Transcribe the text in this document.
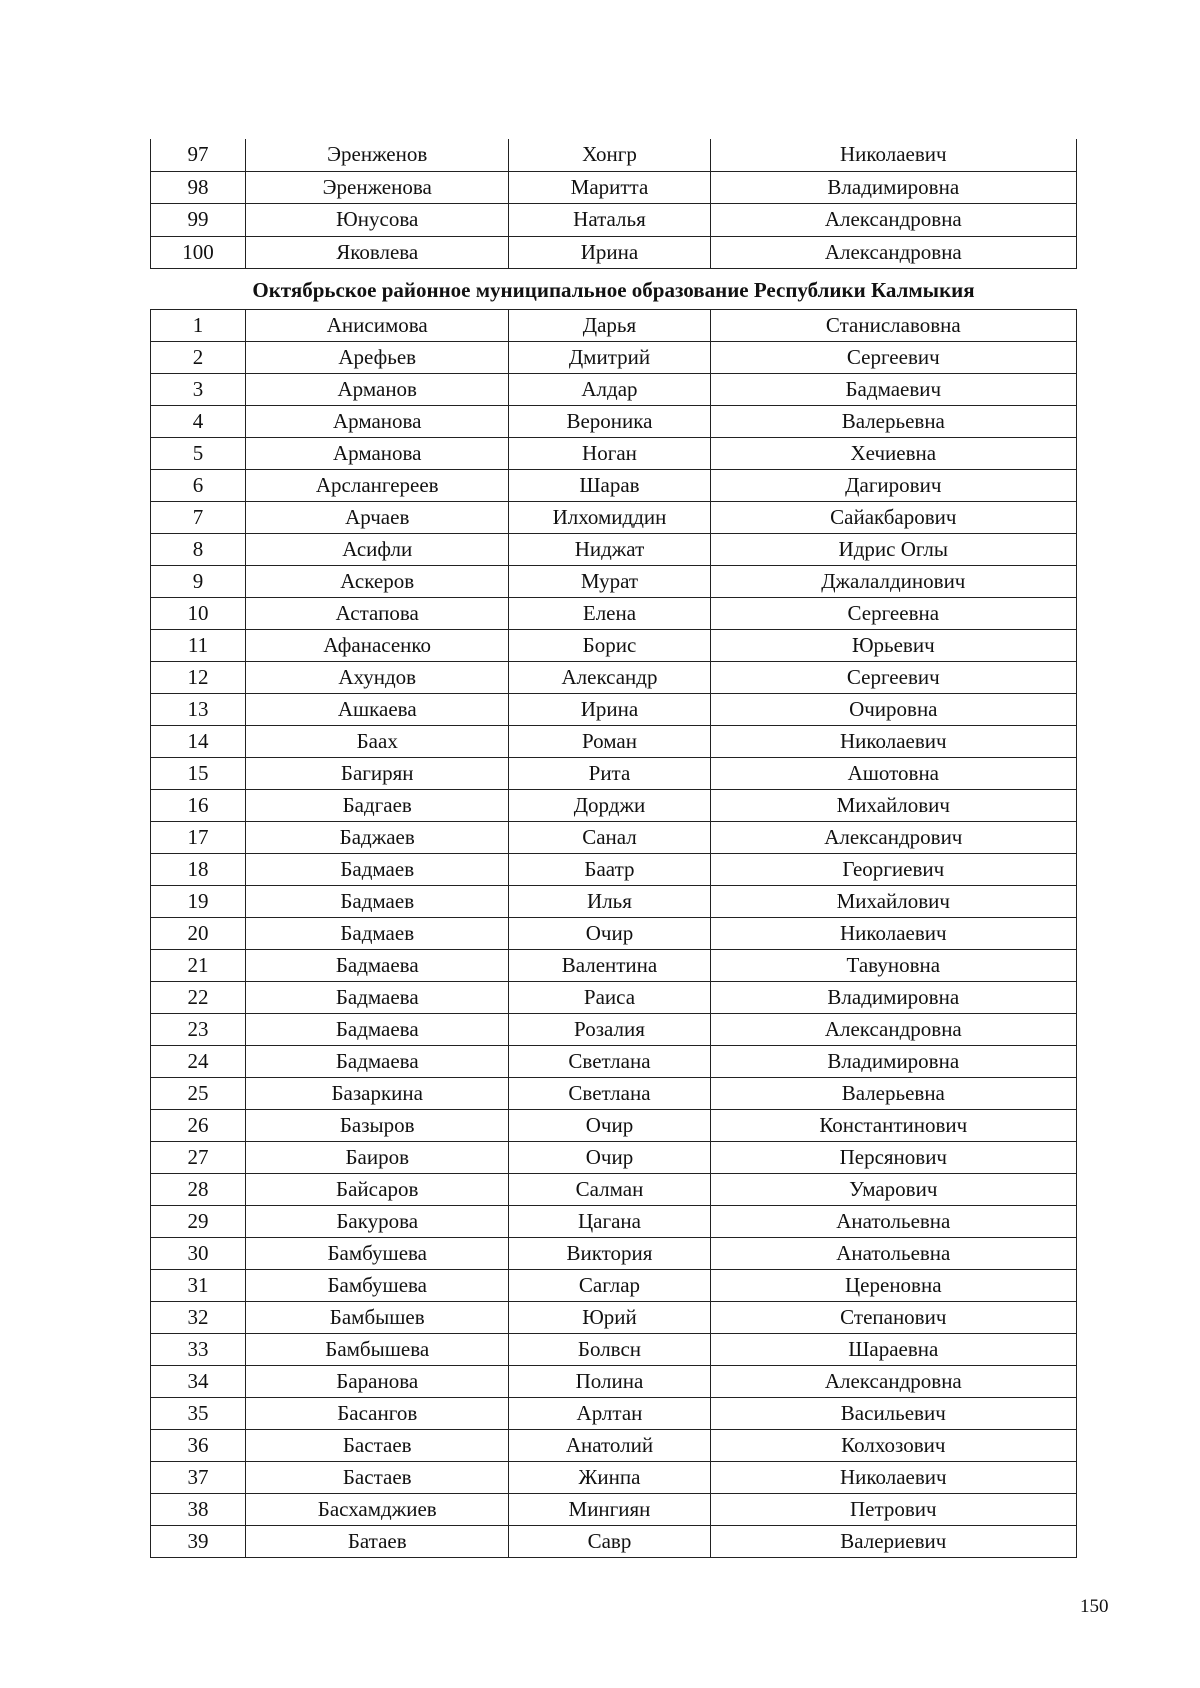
97	Эренженов	Хонгр	Николаевич
98	Эренженова	Маритта	Владимировна
99	Юнусова	Наталья	Александровна
100	Яковлева	Ирина	Александровна
Октябрьское районное муниципальное образование Республики Калмыкия
1	Анисимова	Дарья	Станиславовна
2	Арефьев	Дмитрий	Сергеевич
3	Арманов	Алдар	Бадмаевич
4	Арманова	Вероника	Валерьевна
5	Арманова	Ноган	Хечиевна
6	Арслангереев	Шарав	Дагирович
7	Арчаев	Илхомиддин	Сайакбарович
8	Асифли	Ниджат	Идрис Оглы
9	Аскеров	Мурат	Джалалдинович
10	Астапова	Елена	Сергеевна
11	Афанасенко	Борис	Юрьевич
12	Ахундов	Александр	Сергеевич
13	Ашкаева	Ирина	Очировна
14	Баах	Роман	Николаевич
15	Багирян	Рита	Ашотовна
16	Бадгаев	Дорджи	Михайлович
17	Баджаев	Санал	Александрович
18	Бадмаев	Баатр	Георгиевич
19	Бадмаев	Илья	Михайлович
20	Бадмаев	Очир	Николаевич
21	Бадмаева	Валентина	Тавуновна
22	Бадмаева	Раиса	Владимировна
23	Бадмаева	Розалия	Александровна
24	Бадмаева	Светлана	Владимировна
25	Базаркина	Светлана	Валерьевна
26	Базыров	Очир	Константинович
27	Баиров	Очир	Персянович
28	Байсаров	Салман	Умарович
29	Бакурова	Цагана	Анатольевна
30	Бамбушева	Виктория	Анатольевна
31	Бамбушева	Саглар	Цереновна
32	Бамбышев	Юрий	Степанович
33	Бамбышева	Болвсн	Шараевна
34	Баранова	Полина	Александровна
35	Басангов	Арлтан	Васильевич
36	Бастаев	Анатолий	Колхозович
37	Бастаев	Жинпа	Николаевич
38	Басхамджиев	Мингиян	Петрович
39	Батаев	Савр	Валериевич
150
